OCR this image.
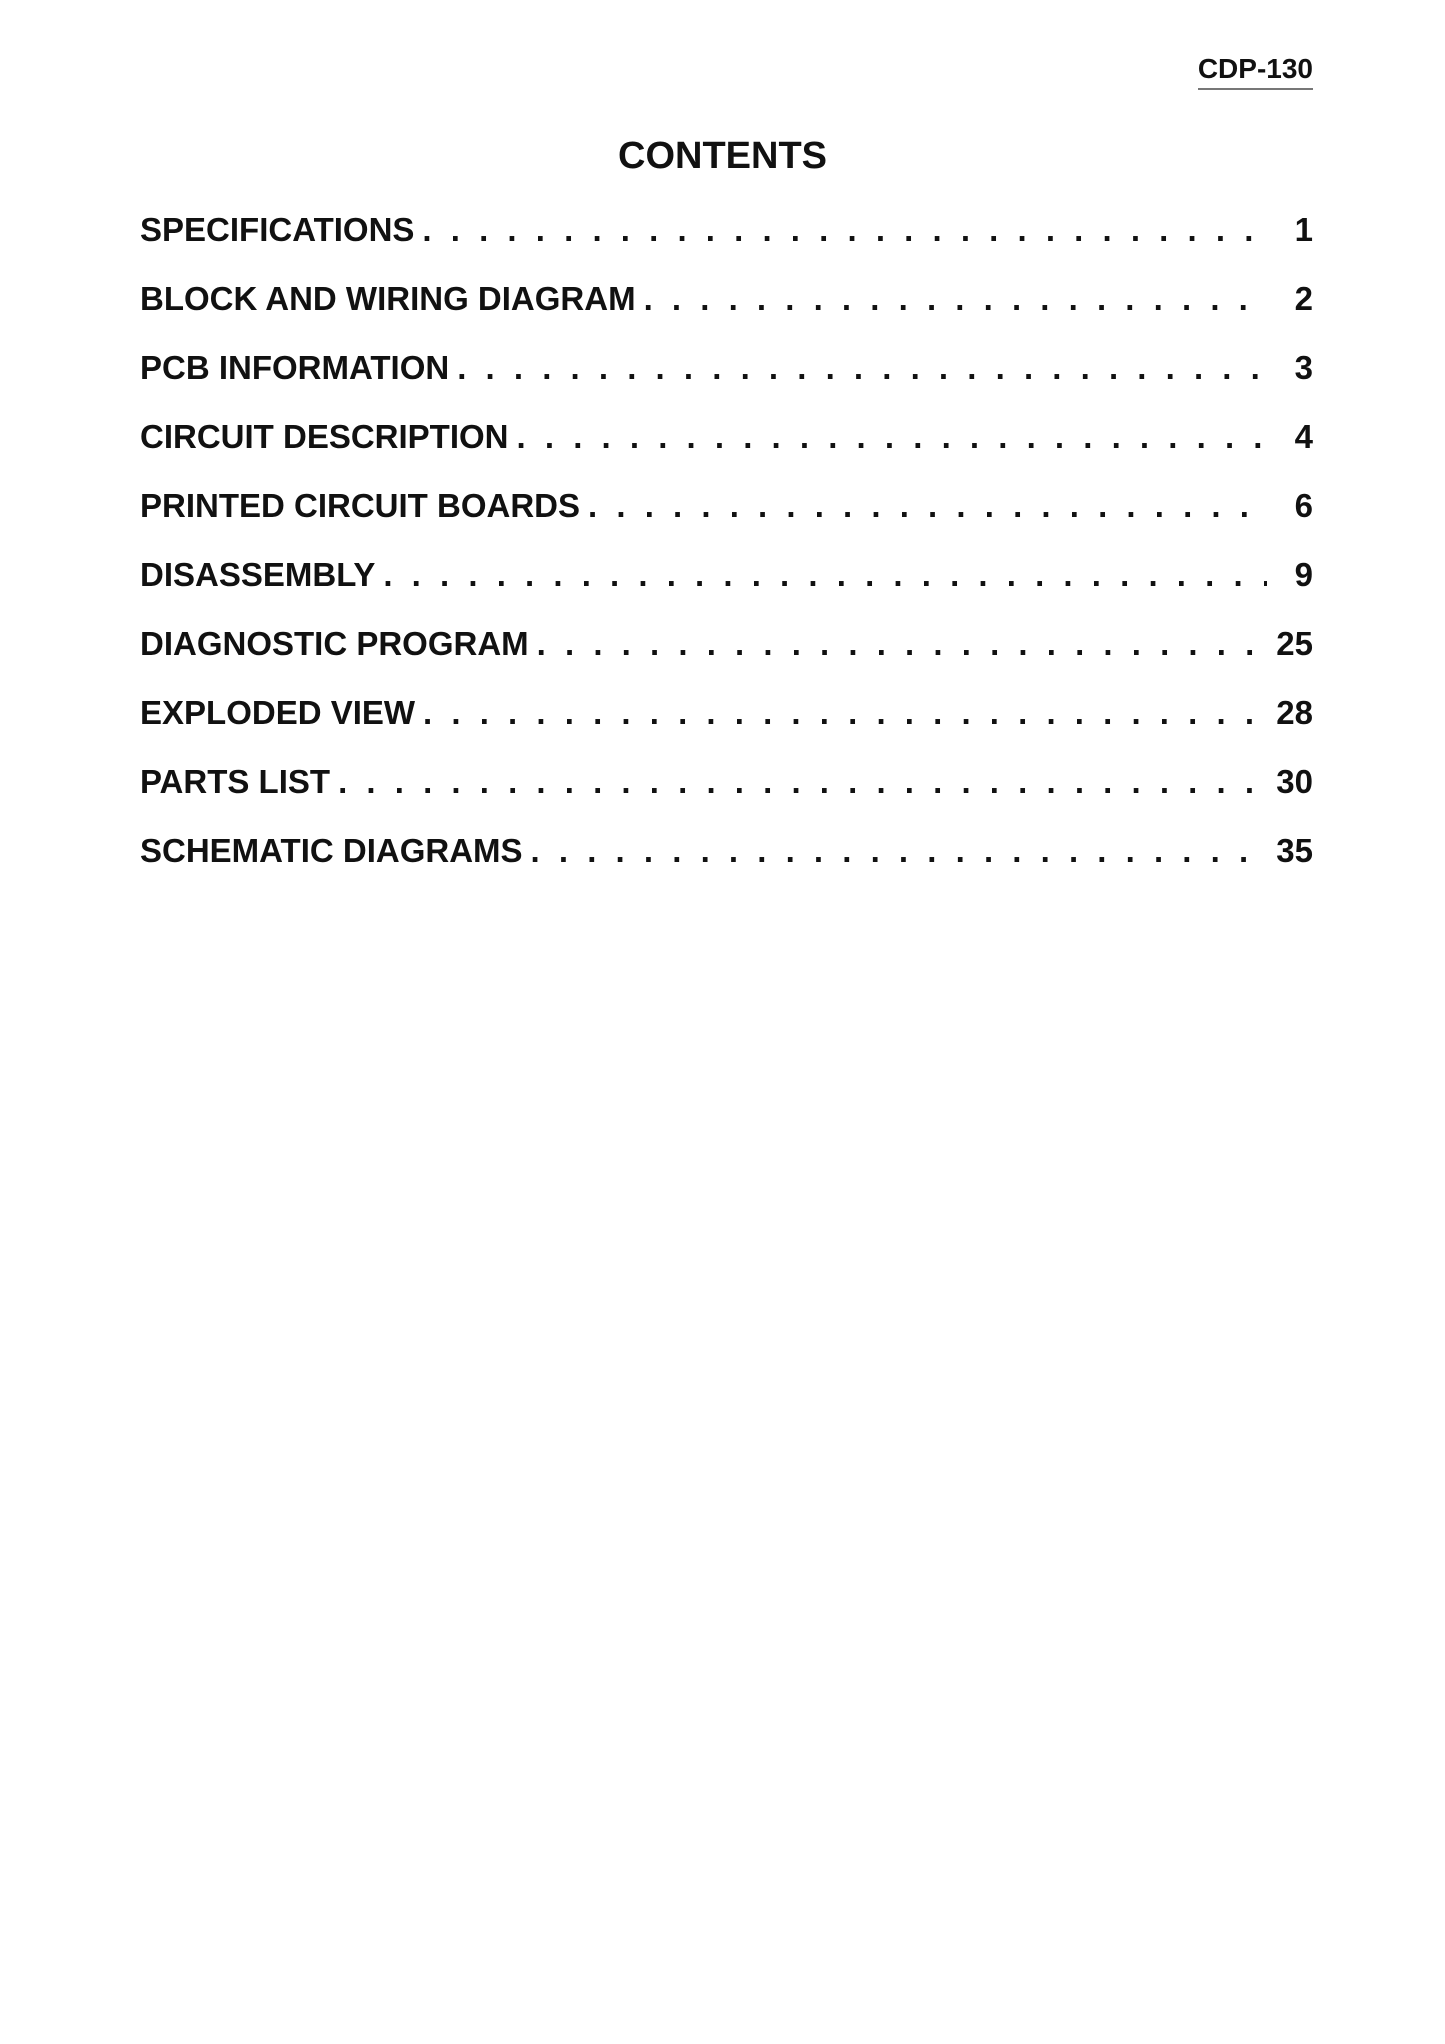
CDP-130
CONTENTS
SPECIFICATIONS . . .	1
BLOCK AND WIRING DIAGRAM . . .	2
PCB INFORMATION . . .	3
CIRCUIT DESCRIPTION . . .	4
PRINTED CIRCUIT BOARDS . . .	6
DISASSEMBLY . . .	9
DIAGNOSTIC PROGRAM . . .	25
EXPLODED VIEW . . .	28
PARTS LIST . . .	30
SCHEMATIC DIAGRAMS . . .	35
